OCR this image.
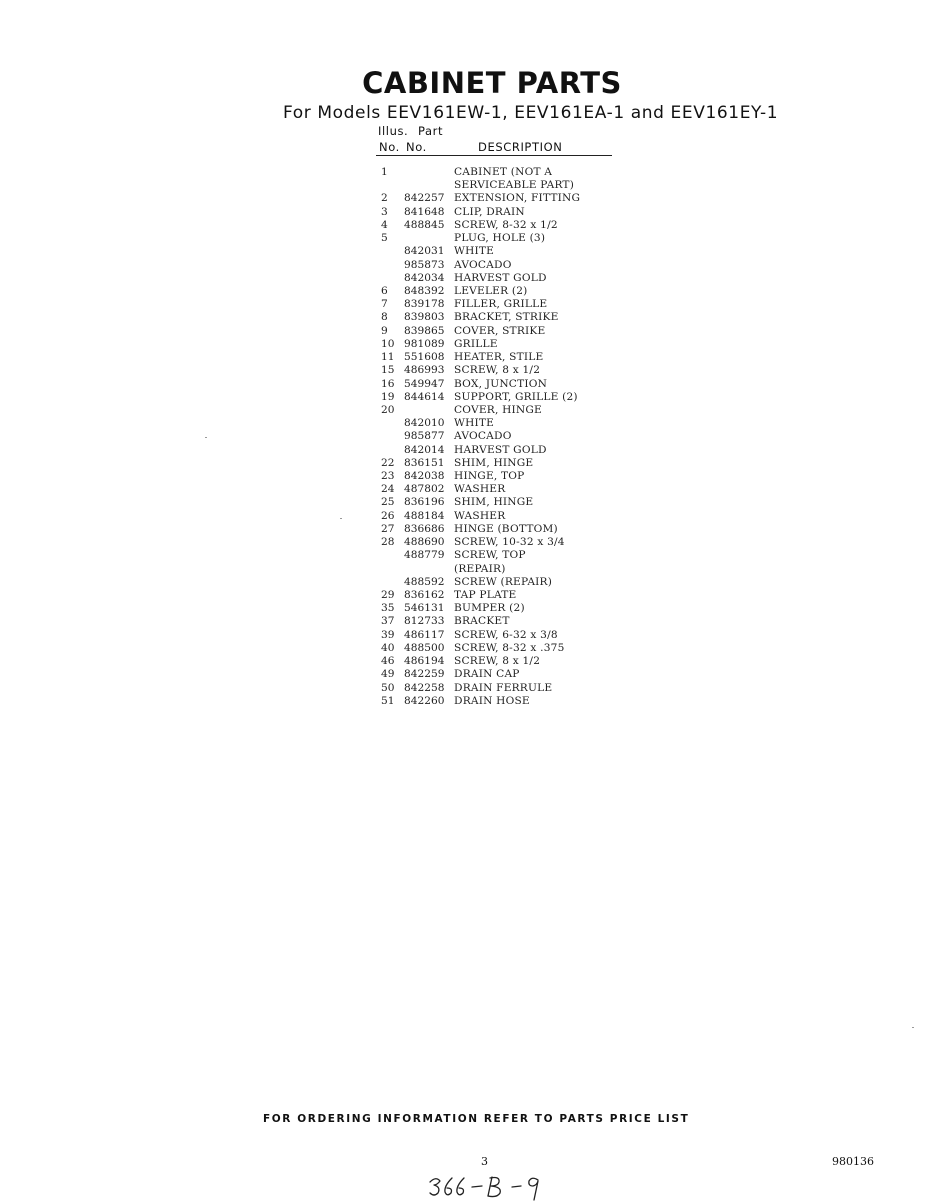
CABINET PARTS
For Models EEV161EW-1, EEV161EA-1 and EEV161EY-1
Illus. Part
No. No.	DESCRIPTION
1	CABINET (NOT A
SERVICEABLE PART)
2 842257 EXTENSION, FITTING
3 841648 CLIP, DRAIN
4 488845 SCREW, 8-32 x 1/2
5	PLUG, HOLE (3)
842031 WHITE
985873 AVOCADO
842034 HARVEST GOLD
6 848392 LEVELER (2)
7 839178 FILLER, GRILLE
8 839803 BRACKET, STRIKE
9 839865 COVER, STRIKE
10 981089 GRILLE
11 551608 HEATER, STILE
15 486993 SCREW, 8 x 1/2
16 549947 BOX, JUNCTION
19 844614 SUPPORT, GRILLE (2)
20	COVER, HINGE
842010 WHITE
985877 AVOCADO
842014 HARVEST GOLD
22 836151 SHIM, HINGE
23 842038 HINGE, TOP
24 487802 WASHER
25 836196 SHIM, HINGE
26 488184 WASHER
27 836686 HINGE (BOTTOM)
28 488690 SCREW, 10-32 x 3/4
488779 SCREW, TOP
(REPAIR)
488592 SCREW (REPAIR)
29 836162 TAP PLATE
35 546131 BUMPER (2)
37 812733 BRACKET
39 486117 SCREW, 6-32 x 3/8
40 488500 SCREW, 8-32 x .375
46 486194 SCREW, 8 x 1/2
49 842259 DRAIN CAP
50 842258 DRAIN FERRULE
51 842260 DRAIN HOSE
FOR ORDERING INFORMATION REFER TO PARTS PRICE LIST
3	980136
